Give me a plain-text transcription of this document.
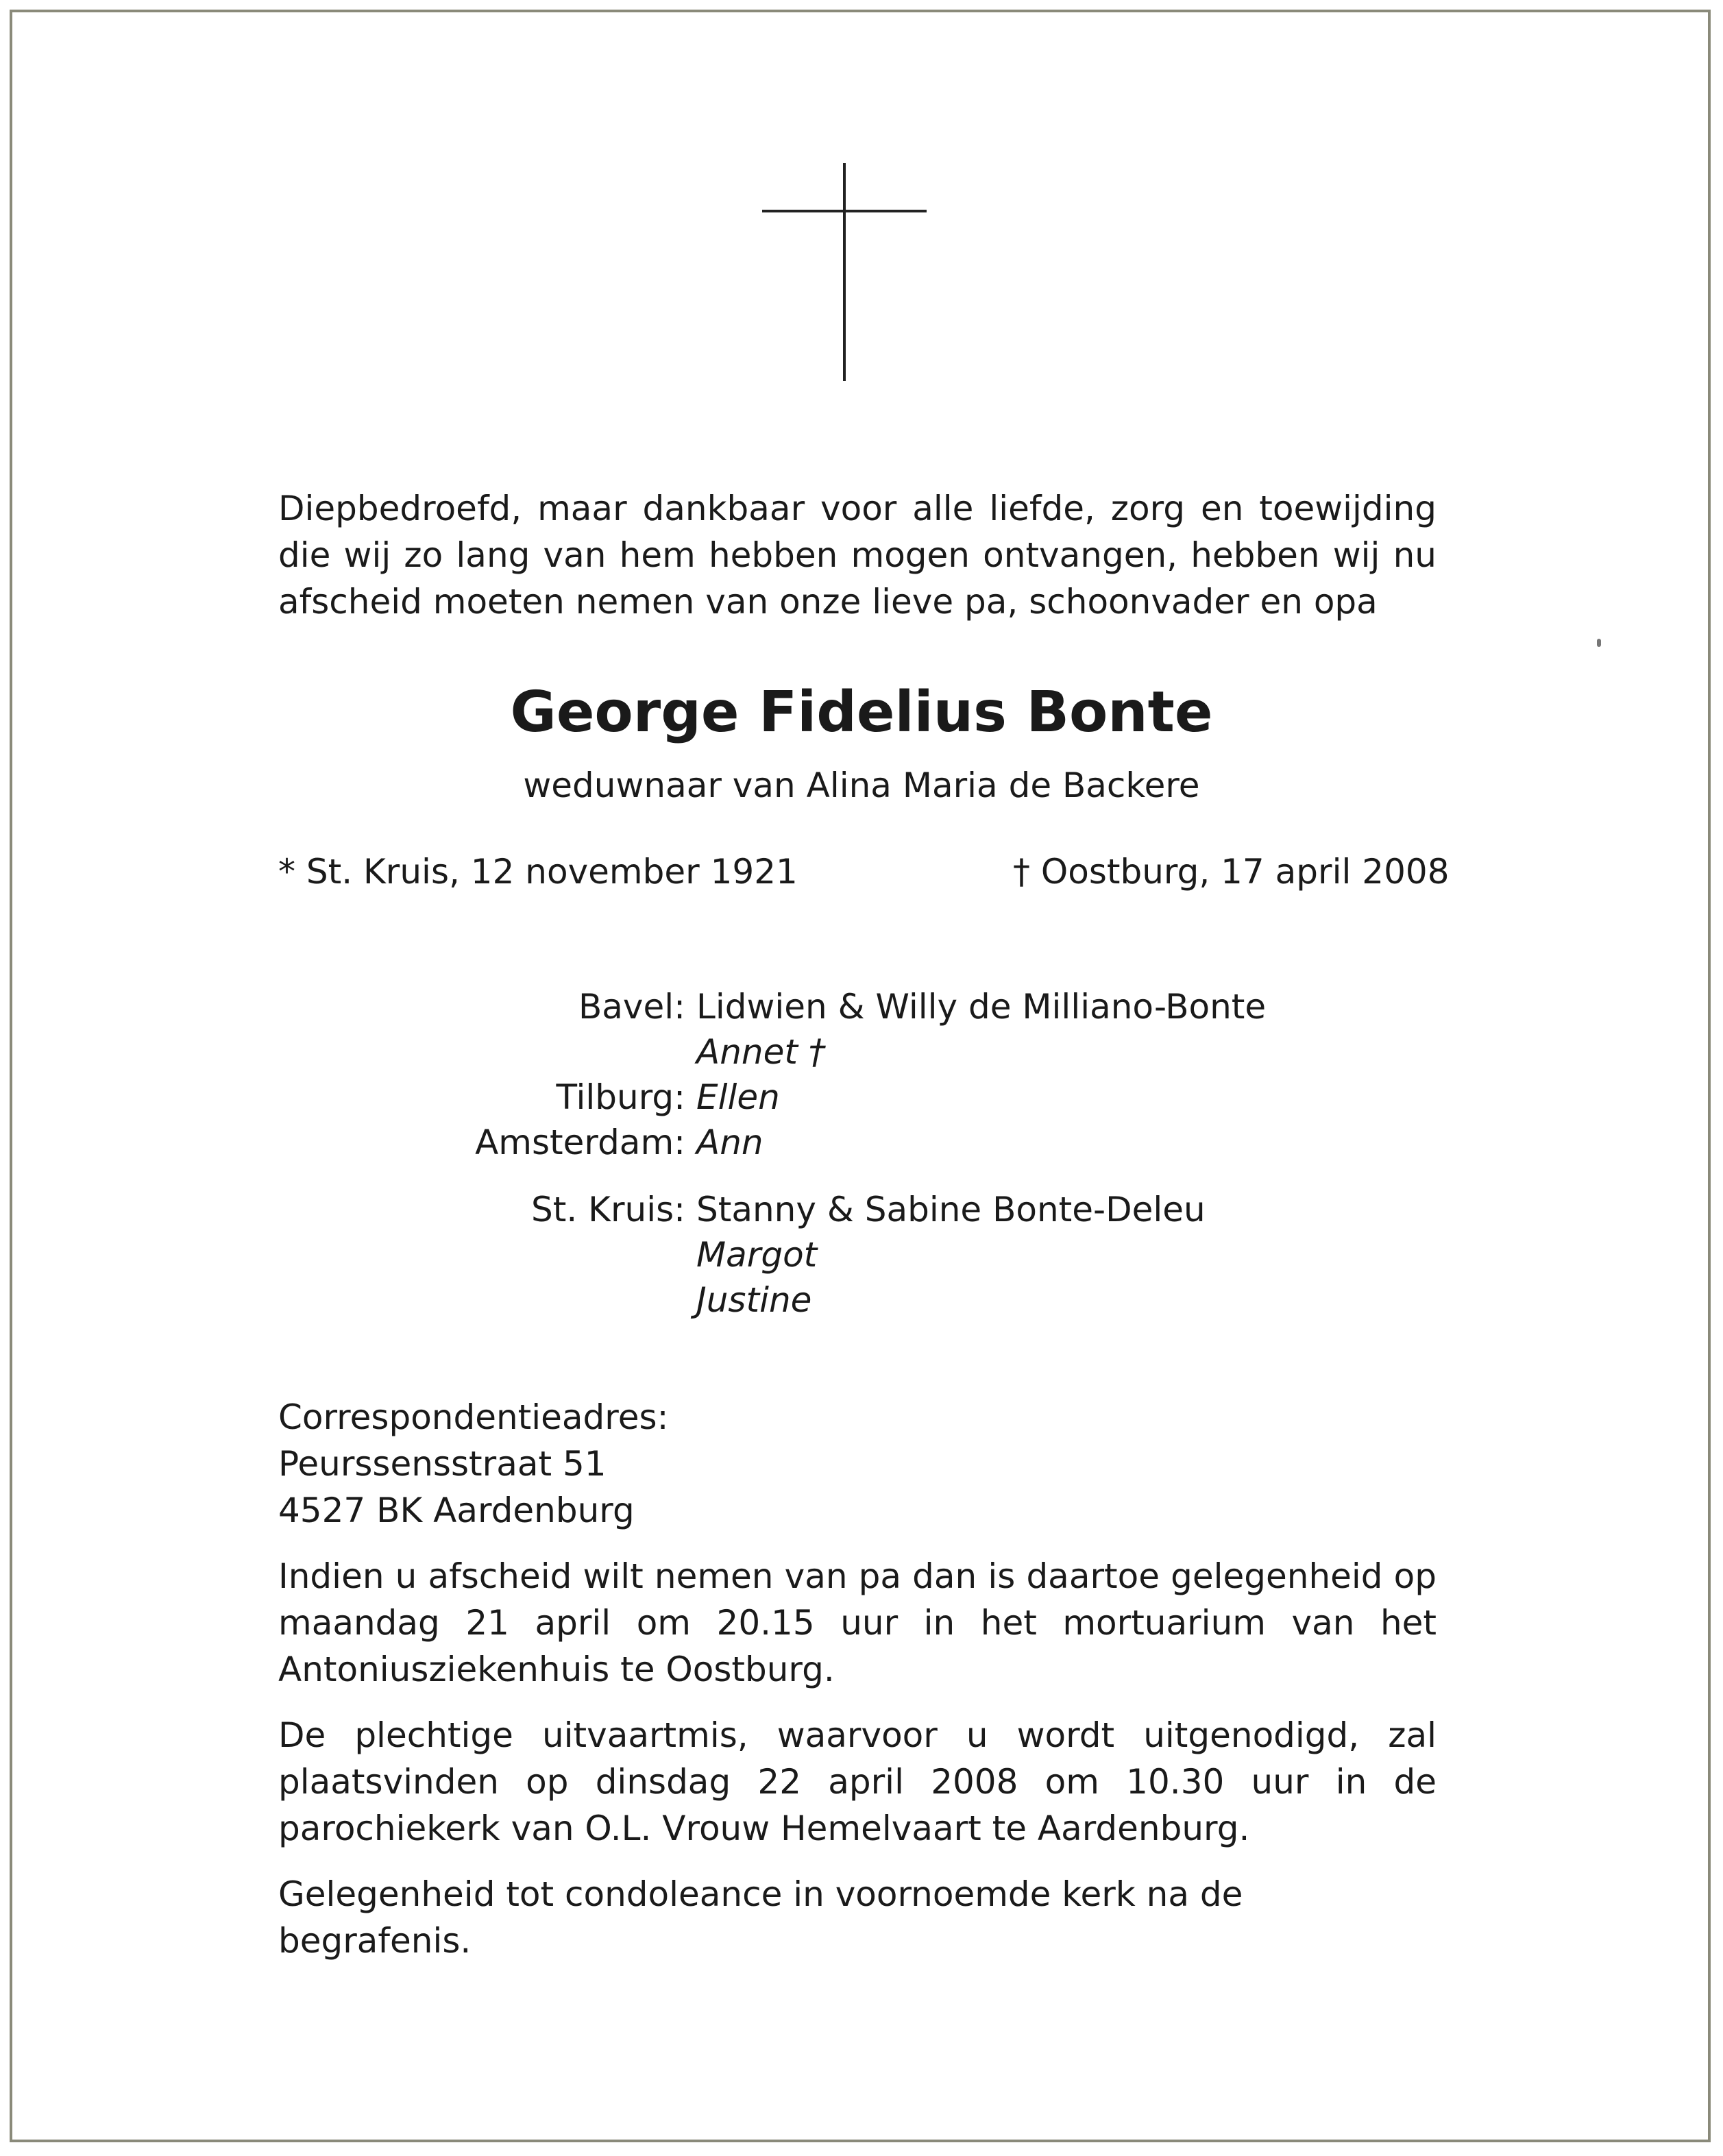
Diepbedroefd, maar dankbaar voor alle liefde, zorg en toewijding die wij zo lang van hem hebben mogen ontvangen, hebben wij nu afscheid moeten nemen van onze lieve pa, schoonvader en opa
George Fidelius Bonte
weduwnaar van Alina Maria de Backere
* St. Kruis, 12 november 1921	† Oostburg, 17 april 2008
Bavel: Lidwien & Willy de Milliano-Bonte
Annet †
Tilburg: Ellen
Amsterdam: Ann
St. Kruis: Stanny & Sabine Bonte-Deleu
Margot
Justine
Correspondentieadres:
Peurssensstraat 51
4527 BK Aardenburg
Indien u afscheid wilt nemen van pa dan is daartoe gelegenheid op maandag 21 april om 20.15 uur in het mortuarium van het Antoniusziekenhuis te Oostburg.
De plechtige uitvaartmis, waarvoor u wordt uitgenodigd, zal plaatsvinden op dinsdag 22 april 2008 om 10.30 uur in de parochiekerk van O.L. Vrouw Hemelvaart te Aardenburg.
Gelegenheid tot condoleance in voornoemde kerk na de begrafenis.
